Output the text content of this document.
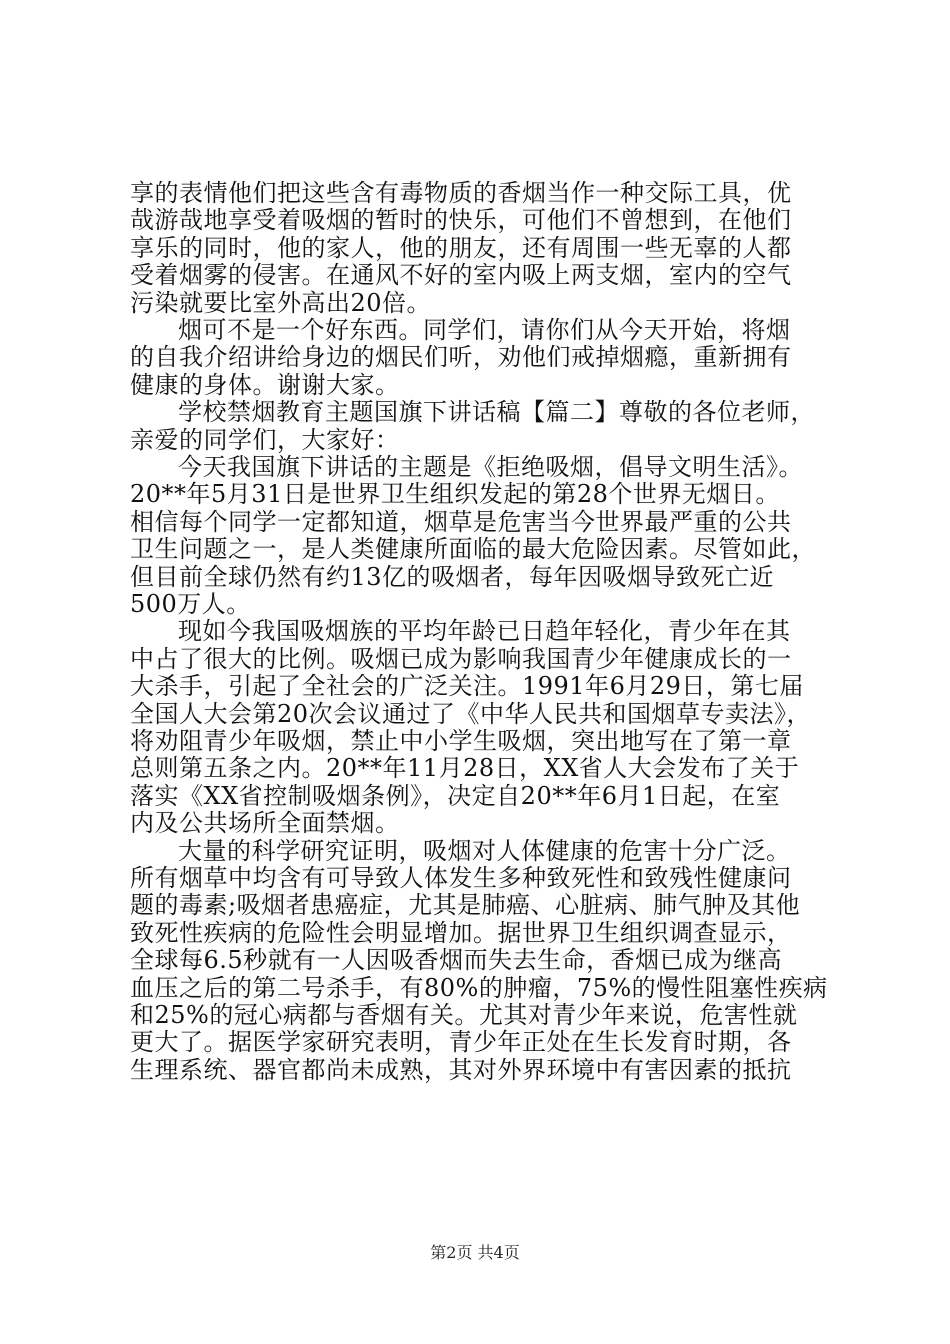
享的表情他们把这些含有毒物质的香烟当作一种交际工具，优
哉游哉地享受着吸烟的暂时的快乐，可他们不曾想到，在他们
享乐的同时，他的家人，他的朋友，还有周围一些无辜的人都
受着烟雾的侵害。在通风不好的室内吸上两支烟，室内的空气
污染就要比室外高出20倍。
烟可不是一个好东西。同学们，请你们从今天开始，将烟
的自我介绍讲给身边的烟民们听，劝他们戒掉烟瘾，重新拥有
健康的身体。谢谢大家。
学校禁烟教育主题国旗下讲话稿【篇二】尊敬的各位老师，
亲爱的同学们，大家好：
今天我国旗下讲话的主题是《拒绝吸烟，倡导文明生活》。
20**年5月31日是世界卫生组织发起的第28个世界无烟日。
相信每个同学一定都知道，烟草是危害当今世界最严重的公共
卫生问题之一，是人类健康所面临的最大危险因素。尽管如此，
但目前全球仍然有约13亿的吸烟者，每年因吸烟导致死亡近
500万人。
现如今我国吸烟族的平均年龄已日趋年轻化，青少年在其
中占了很大的比例。吸烟已成为影响我国青少年健康成长的一
大杀手，引起了全社会的广泛关注。1991年6月29日，第七届
全国人大会第20次会议通过了《中华人民共和国烟草专卖法》，
将劝阻青少年吸烟，禁止中小学生吸烟，突出地写在了第一章
总则第五条之内。20**年11月28日，XX省人大会发布了关于
落实《XX省控制吸烟条例》，决定自20**年6月1日起，在室
内及公共场所全面禁烟。
大量的科学研究证明，吸烟对人体健康的危害十分广泛。
所有烟草中均含有可导致人体发生多种致死性和致残性健康问
题的毒素;吸烟者患癌症，尤其是肺癌、心脏病、肺气肿及其他
致死性疾病的危险性会明显增加。据世界卫生组织调查显示，
全球每6.5秒就有一人因吸香烟而失去生命，香烟已成为继高
血压之后的第二号杀手，有80%的肿瘤，75%的慢性阻塞性疾病
和25%的冠心病都与香烟有关。尤其对青少年来说，危害性就
更大了。据医学家研究表明，青少年正处在生长发育时期，各
生理系统、器官都尚未成熟，其对外界环境中有害因素的抵抗
第2页 共4页
